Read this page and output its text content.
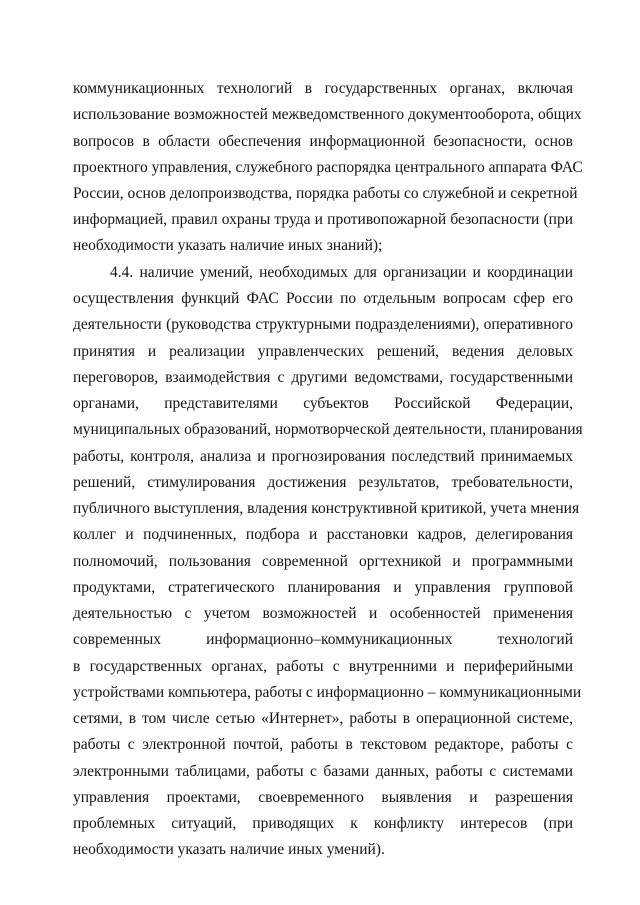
коммуникационных технологий в государственных органах, включая
использование возможностей межведомственного документооборота, общих
вопросов в области обеспечения информационной безопасности, основ
проектного управления, служебного распорядка центрального аппарата ФАС
России, основ делопроизводства, порядка работы со служебной и секретной
информацией, правил охраны труда и противопожарной безопасности (при
необходимости указать наличие иных знаний);
4.4. наличие умений, необходимых для организации и координации
осуществления функций ФАС России по отдельным вопросам сфер его
деятельности (руководства структурными подразделениями), оперативного
принятия и реализации управленческих решений, ведения деловых
переговоров, взаимодействия с другими ведомствами, государственными
органами, представителями субъектов Российской Федерации,
муниципальных образований, нормотворческой деятельности, планирования
работы, контроля, анализа и прогнозирования последствий принимаемых
решений, стимулирования достижения результатов, требовательности,
публичного выступления, владения конструктивной критикой, учета мнения
коллег и подчиненных, подбора и расстановки кадров, делегирования
полномочий, пользования современной оргтехникой и программными
продуктами, стратегического планирования и управления групповой
деятельностью с учетом возможностей и особенностей применения
современных информационно–коммуникационных технологий
в государственных органах, работы с внутренними и периферийными
устройствами компьютера, работы с информационно – коммуникационными
сетями, в том числе сетью «Интернет», работы в операционной системе,
работы с электронной почтой, работы в текстовом редакторе, работы с
электронными таблицами, работы с базами данных, работы с системами
управления проектами, своевременного выявления и разрешения
проблемных ситуаций, приводящих к конфликту интересов (при
необходимости указать наличие иных умений).
